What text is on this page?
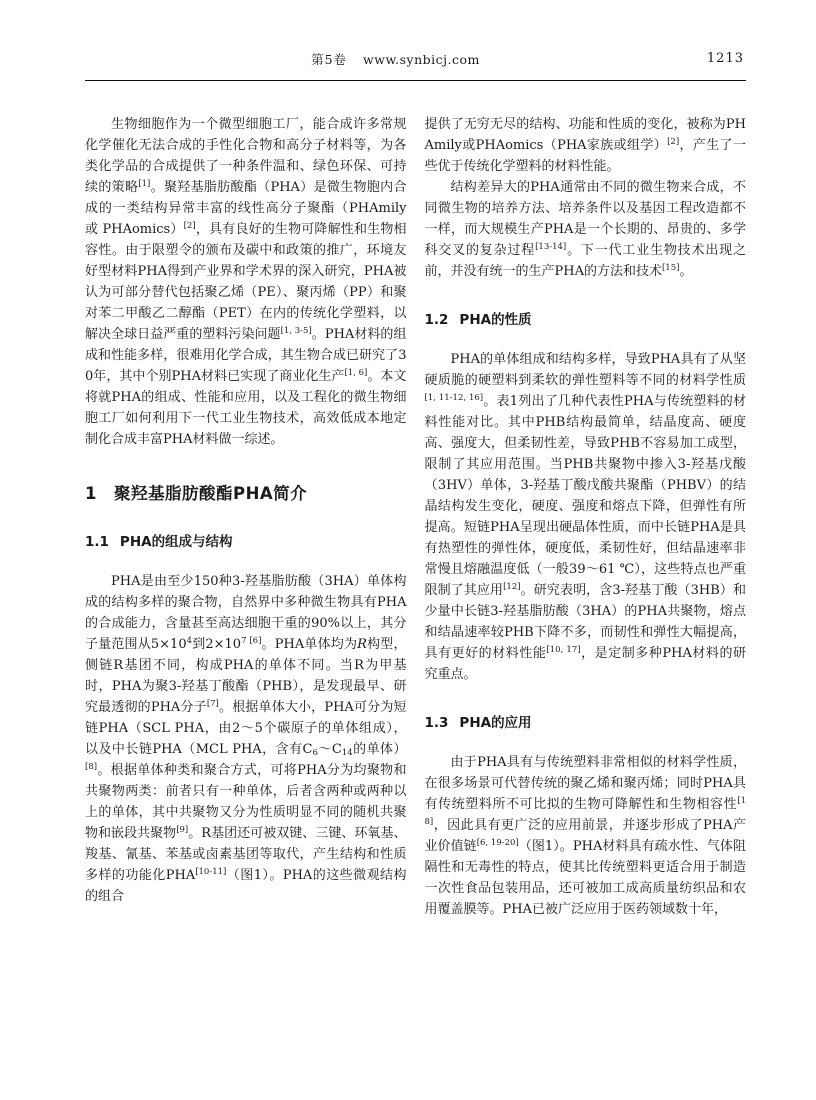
第5卷 www.synbicj.com	1213

生物细胞作为一个微型细胞工厂，能合成许多常规化学催化无法合成的手性化合物和高分子材料等，为各类化学品的合成提供了一种条件温和、绿色环保、可持续的策略[1]。聚羟基脂肪酸酯（PHA）是微生物胞内合成的一类结构异常丰富的线性高分子聚酯（PHAmily 或 PHAomics）[2]，具有良好的生物可降解性和生物相容性。由于限塑令的颁布及碳中和政策的推广，环境友好型材料PHA得到产业界和学术界的深入研究，PHA被认为可部分替代包括聚乙烯（PE）、聚丙烯（PP）和聚对苯二甲酸乙二醇酯（PET）在内的传统化学塑料，以解决全球日益严重的塑料污染问题[1, 3-5]。PHA材料的组成和性能多样，很难用化学合成，其生物合成已研究了30年，其中个别PHA材料已实现了商业化生产[1, 6]。本文将就PHA的组成、性能和应用，以及工程化的微生物细胞工厂如何利用下一代工业生物技术，高效低成本地定制化合成丰富PHA材料做一综述。

1 聚羟基脂肪酸酯PHA简介
1.1 PHA的组成与结构

PHA是由至少150种3-羟基脂肪酸（3HA）单体构成的结构多样的聚合物，自然界中多种微生物具有PHA的合成能力，含量甚至高达细胞干重的90%以上，其分子量范围从$5\times 10^4$到$2\times 10^{7 [6]}$。PHA单体均为R构型，侧链R基团不同，构成PHA的单体不同。当R为甲基时，PHA为聚3-羟基丁酸酯（PHB），是发现最早、研究最透彻的PHA分子[7]。根据单体大小，PHA可分为短链PHA（SCL PHA，由2～5个碳原子的单体组成），以及中长链PHA（MCL PHA，含有$C_6\sim C_{14}$的单体）[8]。根据单体种类和聚合方式，可将PHA分为均聚物和共聚物两类：前者只有一种单体，后者含两种或两种以上的单体，其中共聚物又分为性质明显不同的随机共聚物和嵌段共聚物[9]。R基团还可被双键、三键、环氧基、羧基、氰基、苯基或卤素基团等取代，产生结构和性质多样的功能化PHA[10-11]（图1）。PHA的这些微观结构的组合

提供了无穷无尽的结构、功能和性质的变化，被称为PHAmily或PHAomics（PHA家族或组学）[2]，产生了一些优于传统化学塑料的材料性能。

结构差异大的PHA通常由不同的微生物来合成，不同微生物的培养方法、培养条件以及基因工程改造都不一样，而大规模生产PHA是一个长期的、昂贵的、多学科交叉的复杂过程[13-14]。下一代工业生物技术出现之前，并没有统一的生产PHA的方法和技术[15]。

1.2 PHA的性质

PHA的单体组成和结构多样，导致PHA具有了从坚硬质脆的硬塑料到柔软的弹性塑料等不同的材料学性质[1, 11-12, 16]。表1列出了几种代表性PHA与传统塑料的材料性能对比。其中PHB结构最简单，结晶度高、硬度高、强度大，但柔韧性差，导致PHB不容易加工成型，限制了其应用范围。当PHB共聚物中掺入3-羟基戊酸（3HV）单体，3-羟基丁酸戊酸共聚酯（PHBV）的结晶结构发生变化，硬度、强度和熔点下降，但弹性有所提高。短链PHA呈现出硬晶体性质，而中长链PHA是具有热塑性的弹性体，硬度低，柔韧性好，但结晶速率非常慢且熔融温度低（一般39～61 ℃），这些特点也严重限制了其应用[12]。研究表明，含3-羟基丁酸（3HB）和少量中长链3-羟基脂肪酸（3HA）的PHA共聚物，熔点和结晶速率较PHB下降不多，而韧性和弹性大幅提高，具有更好的材料性能[10, 17]，是定制多种PHA材料的研究重点。

1.3 PHA的应用

由于PHA具有与传统塑料非常相似的材料学性质，在很多场景可代替传统的聚乙烯和聚丙烯；同时PHA具有传统塑料所不可比拟的生物可降解性和生物相容性[18]，因此具有更广泛的应用前景，并逐步形成了PHA产业价值链[6, 19-20]（图1）。PHA材料具有疏水性、气体阻隔性和无毒性的特点，使其比传统塑料更适合用于制造一次性食品包装用品，还可被加工成高质量纺织品和农用覆盖膜等。PHA已被广泛应用于医药领域数十年，
